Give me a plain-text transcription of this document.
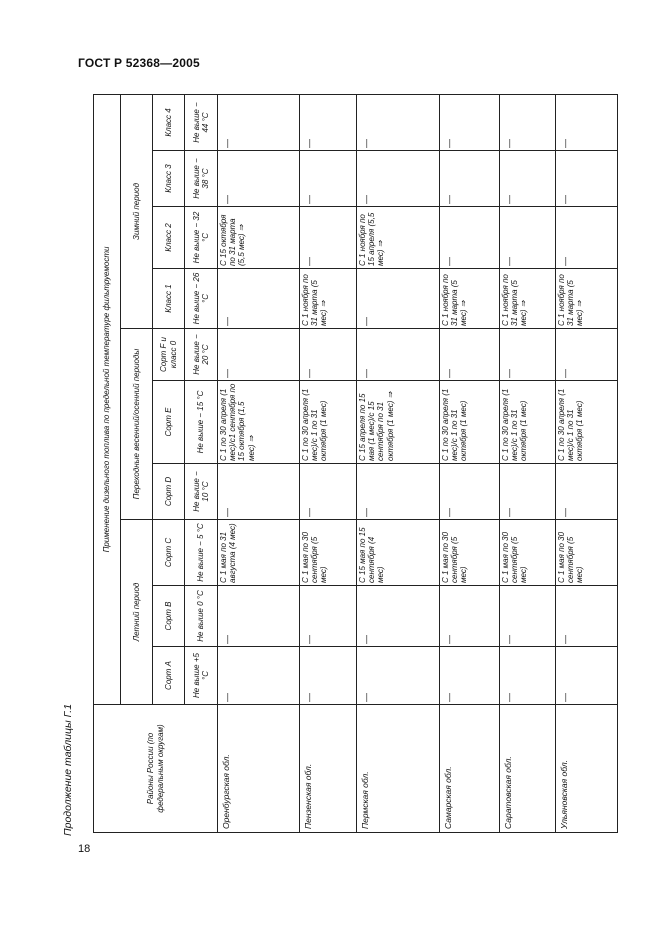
ГОСТ Р 52368—2005
Продолжение таблицы Г.1	Районы России (по федеральным округам)	Применение дизельного топлива по предельной температуре фильтруемости									
	Летний период			Переходные весенний/осенний периоды			Зимний период			
	Сорт А	Сорт В	Сорт С	Сорт D	Сорт Е	Сорт F и класс 0	Класс 1	Класс 2	Класс 3	Класс 4
	Не выше +5 °С	Не выше 0 °С	Не выше − 5 °С	Не выше − 10 °С	Не выше − 15 °С	Не выше − 20 °С	Не выше − 26 °С	Не выше − 32 °С	Не выше − 38 °С	Не выше − 44 °С
Оренбургская обл.	—	—	С 1 мая по 31 августа (4 мес)	—	С 1 по 30 апреля (1 мес)/с1 сентября по 15 октября (1,5 мес) ⇒	—	—	С 15 октября по 31 марта (5,5 мес) ⇒	—	—
Пензенская обл.	—	—	С 1 мая по 30 сентября (5 мес)	—	С 1 по 30 апреля (1 мес)/с 1 по 31 октября (1 мес)	—	С 1 ноября по 31 марта (5 мес) ⇒	—	—	—
Пермская обл.	—	—	С 15 мая по 15 сентября (4 мес)	—	С 15 апреля по 15 мая (1 мес)/с 15 сентября по 31 октября (1 мес) ⇒	—	—	С 1 ноября по 15 апреля (5,5 мес) ⇒	—	—
Самарская обл.	—	—	С 1 мая по 30 сентября (5 мес)	—	С 1 по 30 апреля (1 мес)/с 1 по 31 октября (1 мес)	—	С 1 ноября по 31 марта (5 мес) ⇒	—	—	—
Саратовская обл.	—	—	С 1 мая по 30 сентября (5 мес)	—	С 1 по 30 апреля (1 мес)/с 1 по 31 октября (1 мес)	—	С 1 ноября по 31 марта (5 мес) ⇒	—	—	—
Ульяновская обл.	—	—	С 1 мая по 30 сентября (5 мес)	—	С 1 по 30 апреля (1 мес)/с 1 по 31 октября (1 мес)	—	С 1 ноября по 31 марта (5 мес) ⇒	—	—	—
18
